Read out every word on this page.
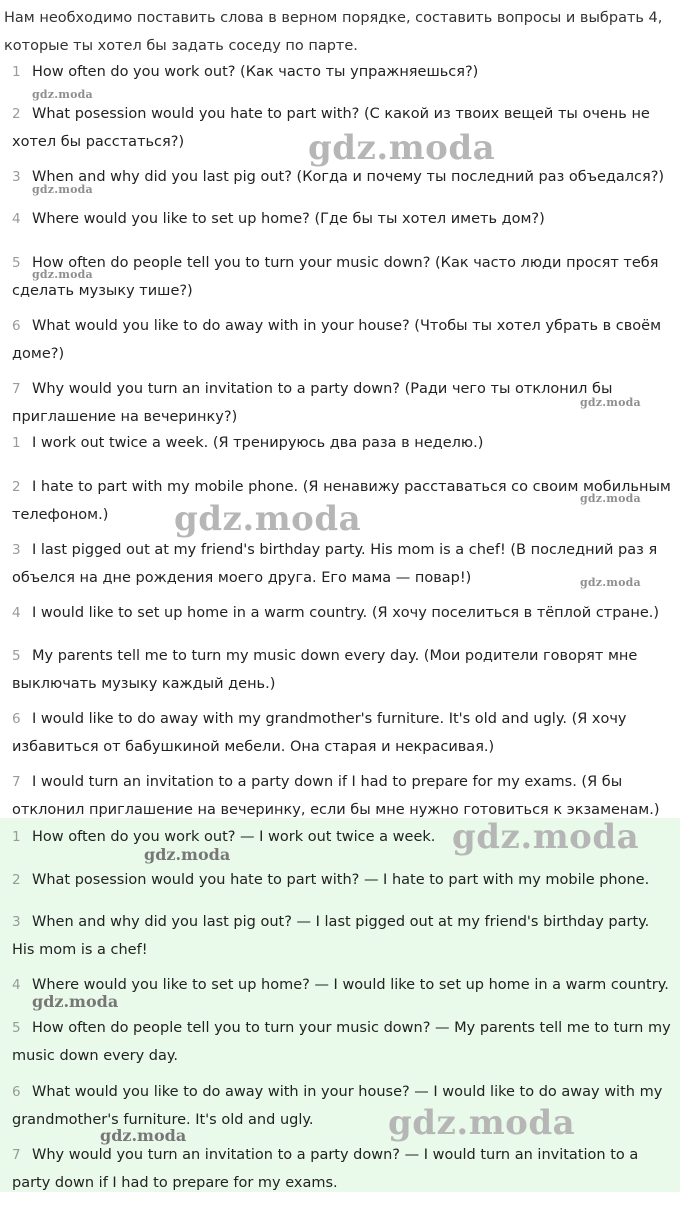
Нам необходимо поставить слова в верном порядке, составить вопросы и выбрать 4, которые ты хотел бы задать соседу по парте.
1 How often do you work out? (Как часто ты упражняешься?)
2 What posession would you hate to part with? (С какой из твоих вещей ты очень не хотел бы расстаться?)
3 When and why did you last pig out? (Когда и почему ты последний раз объедался?)
4 Where would you like to set up home? (Где бы ты хотел иметь дом?)
5 How often do people tell you to turn your music down? (Как часто люди просят тебя сделать музыку тише?)
6 What would you like to do away with in your house? (Чтобы ты хотел убрать в своём доме?)
7 Why would you turn an invitation to a party down? (Ради чего ты отклонил бы приглашение на вечеринку?)
1 I work out twice a week. (Я тренируюсь два раза в неделю.)
2 I hate to part with my mobile phone. (Я ненавижу расставаться со своим мобильным телефоном.)
3 I last pigged out at my friend's birthday party. His mom is a chef! (В последний раз я объелся на дне рождения моего друга. Его мама — повар!)
4 I would like to set up home in a warm country. (Я хочу поселиться в тёплой стране.)
5 My parents tell me to turn my music down every day. (Мои родители говорят мне выключать музыку каждый день.)
6 I would like to do away with my grandmother's furniture. It's old and ugly. (Я хочу избавиться от бабушкиной мебели. Она старая и некрасивая.)
7 I would turn an invitation to a party down if I had to prepare for my exams. (Я бы отклонил приглашение на вечеринку, если бы мне нужно готовиться к экзаменам.)
1 How often do you work out? — I work out twice a week.
2 What posession would you hate to part with? — I hate to part with my mobile phone.
3 When and why did you last pig out? — I last pigged out at my friend's birthday party. His mom is a chef!
4 Where would you like to set up home? — I would like to set up home in a warm country.
5 How often do people tell you to turn your music down? — My parents tell me to turn my music down every day.
6 What would you like to do away with in your house? — I would like to do away with my grandmother's furniture. It's old and ugly.
7 Why would you turn an invitation to a party down? — I would turn an invitation to a party down if I had to prepare for my exams.
gdz.moda
gdz.moda
gdz.moda
gdz.moda
gdz.moda
gdz.moda
gdz.moda
gdz.moda
gdz.moda
gdz.moda
gdz.moda
gdz.moda
gdz.moda
